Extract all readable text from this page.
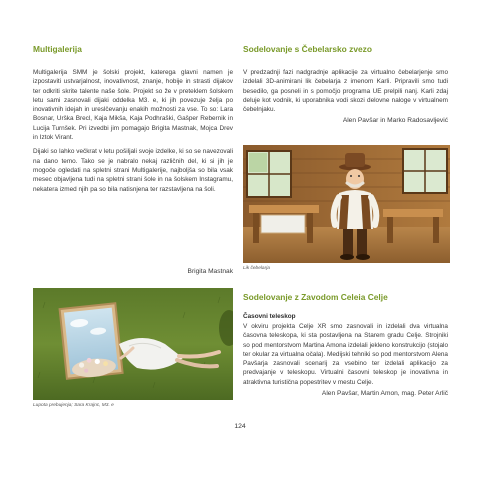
Multigalerija

Multigalerija SMM je šolski projekt, katerega glavni namen je izpostaviti ustvarjalnost, inovativnost, znanje, hobije in strasti dijakov ter odkriti skrite talente naše šole. Projekt so že v preteklem šolskem letu sami zasnovali dijaki oddelka M3. e, ki jih povezuje želja po inovativnih idejah in ureslčevanju enakih možnosti za vse. To so: Lara Bosnar, Urška Brecl, Kaja Mikša, Kaja Podhraški, Gašper Rebernik in Lucija Turnšek. Pri izvedbi jim pomagajo Brigita Mastnak, Mojca Drev in Iztok Virant.

Dijaki so lahko večkrat v letu pošiljali svoje izdelke, ki so se navezovali na dano temo. Tako se je nabralo nekaj različnih del, ki si jih je mogoče ogledati na spletni strani Multigalerije, najboljša so bila vsak mesec objavljena tudi na spletni strani šole in na šolskem Instagramu, nekatera izmed njih pa so bila natisnjena ter razstavljena na šoli.

Brigita Mastnak

Lupota prebujenja; Sara Krajnc, M3. e

Sodelovanje s Čebelarsko zvezo

V predzadnji fazi nadgradnje aplikacije za virtualno čebelarjenje smo izdelali 3D-animirani lik čebelarja z imenom Karli. Pripravili smo tudi besedilo, ga posneli in s pomočjo programa UE prelpili nanj. Karli zdaj deluje kot vodnik, ki uporabnika vodi skozi delovne naloge v virtualnem čebelnjaku.

Alen Pavšar in Marko Radosavljević

Lik čebelarja

Sodelovanje z Zavodom Celeia Celje

Časovni teleskop

V okviru projekta Celje XR smo zasnovali in izdelali dva virtualna časovna teleskopa, ki sta postavljena na Starem gradu Celje. Strojniki so pod mentorstvom Martina Amona izdelali jekleno konstrukcijo (stojalo ter okular za virtualna očala). Medijski tehniki so pod mentorstvom Alena Pavšarja zasnovali scenarij za vsebino ter izdelali aplikacijo za predvajanje v teleskopu. Virtualni časovni teleskop je inovativna in atraktivna turistična popestritev v mestu Celje.

Alen Pavšar, Martin Amon, mag. Peter Arlič

124
